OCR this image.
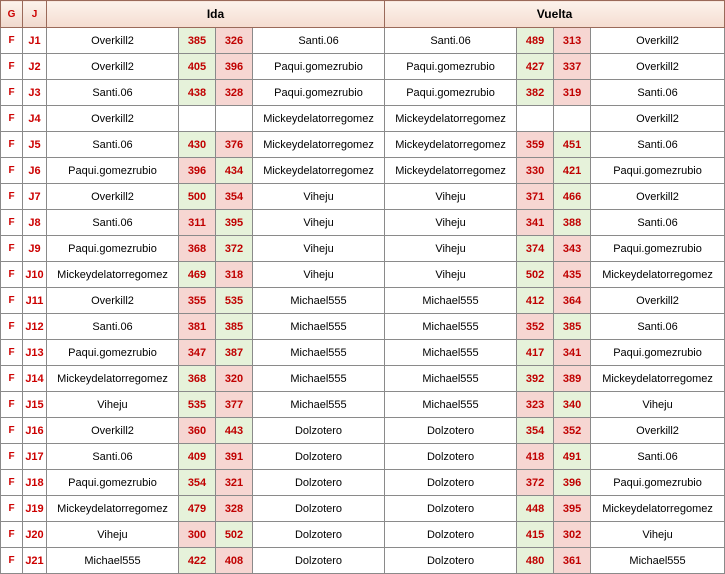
G	J	Ida				Vuelta			
F	J1	Overkill2	385	326	Santi.06	Santi.06	489	313	Overkill2
F	J2	Overkill2	405	396	Paqui.gomezrubio	Paqui.gomezrubio	427	337	Overkill2
F	J3	Santi.06	438	328	Paqui.gomezrubio	Paqui.gomezrubio	382	319	Santi.06
F	J4	Overkill2			Mickeydelatorregomez	Mickeydelatorregomez			Overkill2
F	J5	Santi.06	430	376	Mickeydelatorregomez	Mickeydelatorregomez	359	451	Santi.06
F	J6	Paqui.gomezrubio	396	434	Mickeydelatorregomez	Mickeydelatorregomez	330	421	Paqui.gomezrubio
F	J7	Overkill2	500	354	Viheju	Viheju	371	466	Overkill2
F	J8	Santi.06	311	395	Viheju	Viheju	341	388	Santi.06
F	J9	Paqui.gomezrubio	368	372	Viheju	Viheju	374	343	Paqui.gomezrubio
F	J10	Mickeydelatorregomez	469	318	Viheju	Viheju	502	435	Mickeydelatorregomez
F	J11	Overkill2	355	535	Michael555	Michael555	412	364	Overkill2
F	J12	Santi.06	381	385	Michael555	Michael555	352	385	Santi.06
F	J13	Paqui.gomezrubio	347	387	Michael555	Michael555	417	341	Paqui.gomezrubio
F	J14	Mickeydelatorregomez	368	320	Michael555	Michael555	392	389	Mickeydelatorregomez
F	J15	Viheju	535	377	Michael555	Michael555	323	340	Viheju
F	J16	Overkill2	360	443	Dolzotero	Dolzotero	354	352	Overkill2
F	J17	Santi.06	409	391	Dolzotero	Dolzotero	418	491	Santi.06
F	J18	Paqui.gomezrubio	354	321	Dolzotero	Dolzotero	372	396	Paqui.gomezrubio
F	J19	Mickeydelatorregomez	479	328	Dolzotero	Dolzotero	448	395	Mickeydelatorregomez
F	J20	Viheju	300	502	Dolzotero	Dolzotero	415	302	Viheju
F	J21	Michael555	422	408	Dolzotero	Dolzotero	480	361	Michael555
